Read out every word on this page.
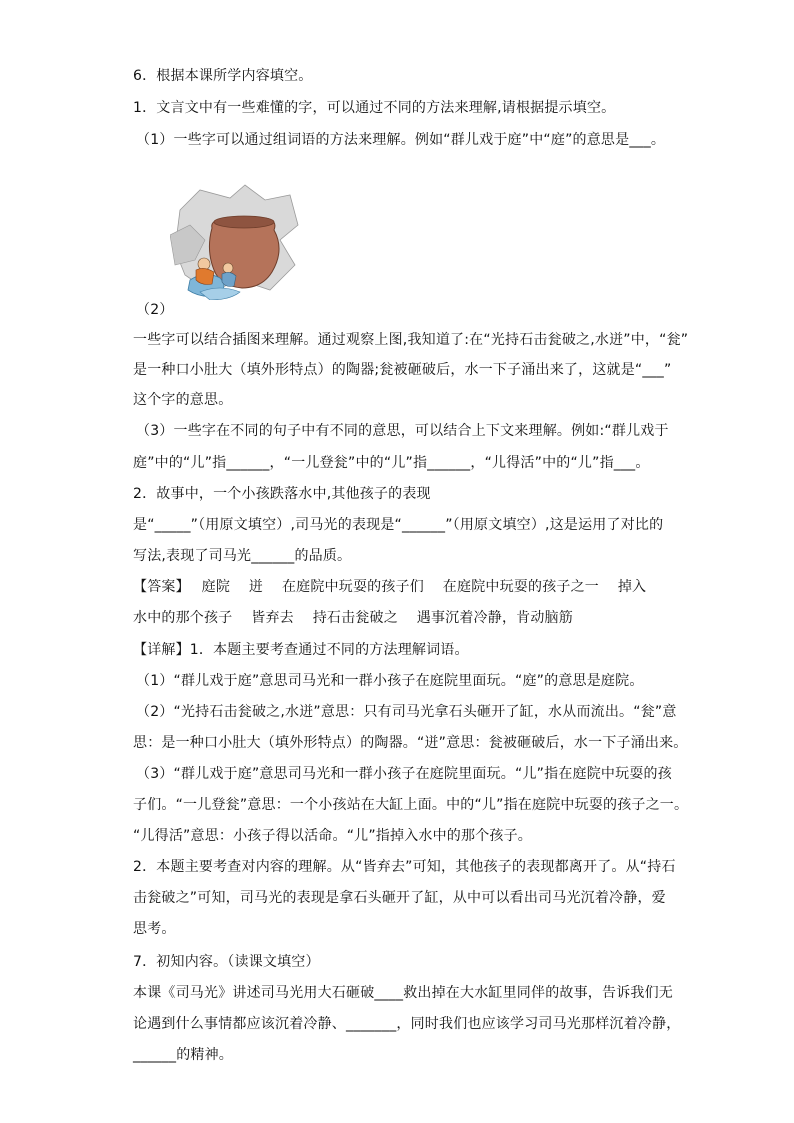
6．根据本课所学内容填空。
1．文言文中有一些难懂的字，可以通过不同的方法来理解,请根据提示填空。
（1）一些字可以通过组词语的方法来理解。例如“群儿戏于庭”中“庭”的意思是___。
（2）
一些字可以结合插图来理解。通过观察上图,我知道了:在“光持石击瓮破之,水迸”中，“瓮”
是一种口小肚大（填外形特点）的陶器;瓮被砸破后，水一下子涌出来了，这就是“___”
这个字的意思。
（3）一些字在不同的句子中有不同的意思，可以结合上下文来理解。例如:“群儿戏于
庭”中的“儿”指______，“一儿登瓮”中的“儿”指______，“儿得活”中的“儿”指___。
2．故事中，一个小孩跌落水中,其他孩子的表现
是“_____”（用原文填空）,司马光的表现是“______”（用原文填空）,这是运用了对比的
写法,表现了司马光______的品质。
【答案】　 庭院　 迸　 在庭院中玩耍的孩子们　 在庭院中玩耍的孩子之一　 掉入
水中的那个孩子　 皆弃去　 持石击瓮破之　 遇事沉着冷静，肯动脑筋
【详解】1．本题主要考查通过不同的方法理解词语。
（1）“群儿戏于庭”意思司马光和一群小孩子在庭院里面玩。“庭”的意思是庭院。
（2）“光持石击瓮破之,水迸”意思：只有司马光拿石头砸开了缸，水从而流出。“瓮”意
思：是一种口小肚大（填外形特点）的陶器。“迸”意思：瓮被砸破后，水一下子涌出来。
（3）“群儿戏于庭”意思司马光和一群小孩子在庭院里面玩。“儿”指在庭院中玩耍的孩
子们。“一儿登瓮”意思：一个小孩站在大缸上面。中的“儿”指在庭院中玩耍的孩子之一。
“儿得活”意思：小孩子得以活命。“儿”指掉入水中的那个孩子。
2．本题主要考查对内容的理解。从“皆弃去”可知，其他孩子的表现都离开了。从“持石
击瓮破之”可知，司马光的表现是拿石头砸开了缸，从中可以看出司马光沉着冷静，爱
思考。
7．初知内容。（读课文填空）
本课《司马光》讲述司马光用大石砸破____救出掉在大水缸里同伴的故事，告诉我们无
论遇到什么事情都应该沉着冷静、_______，同时我们也应该学习司马光那样沉着冷静，
______的精神。
